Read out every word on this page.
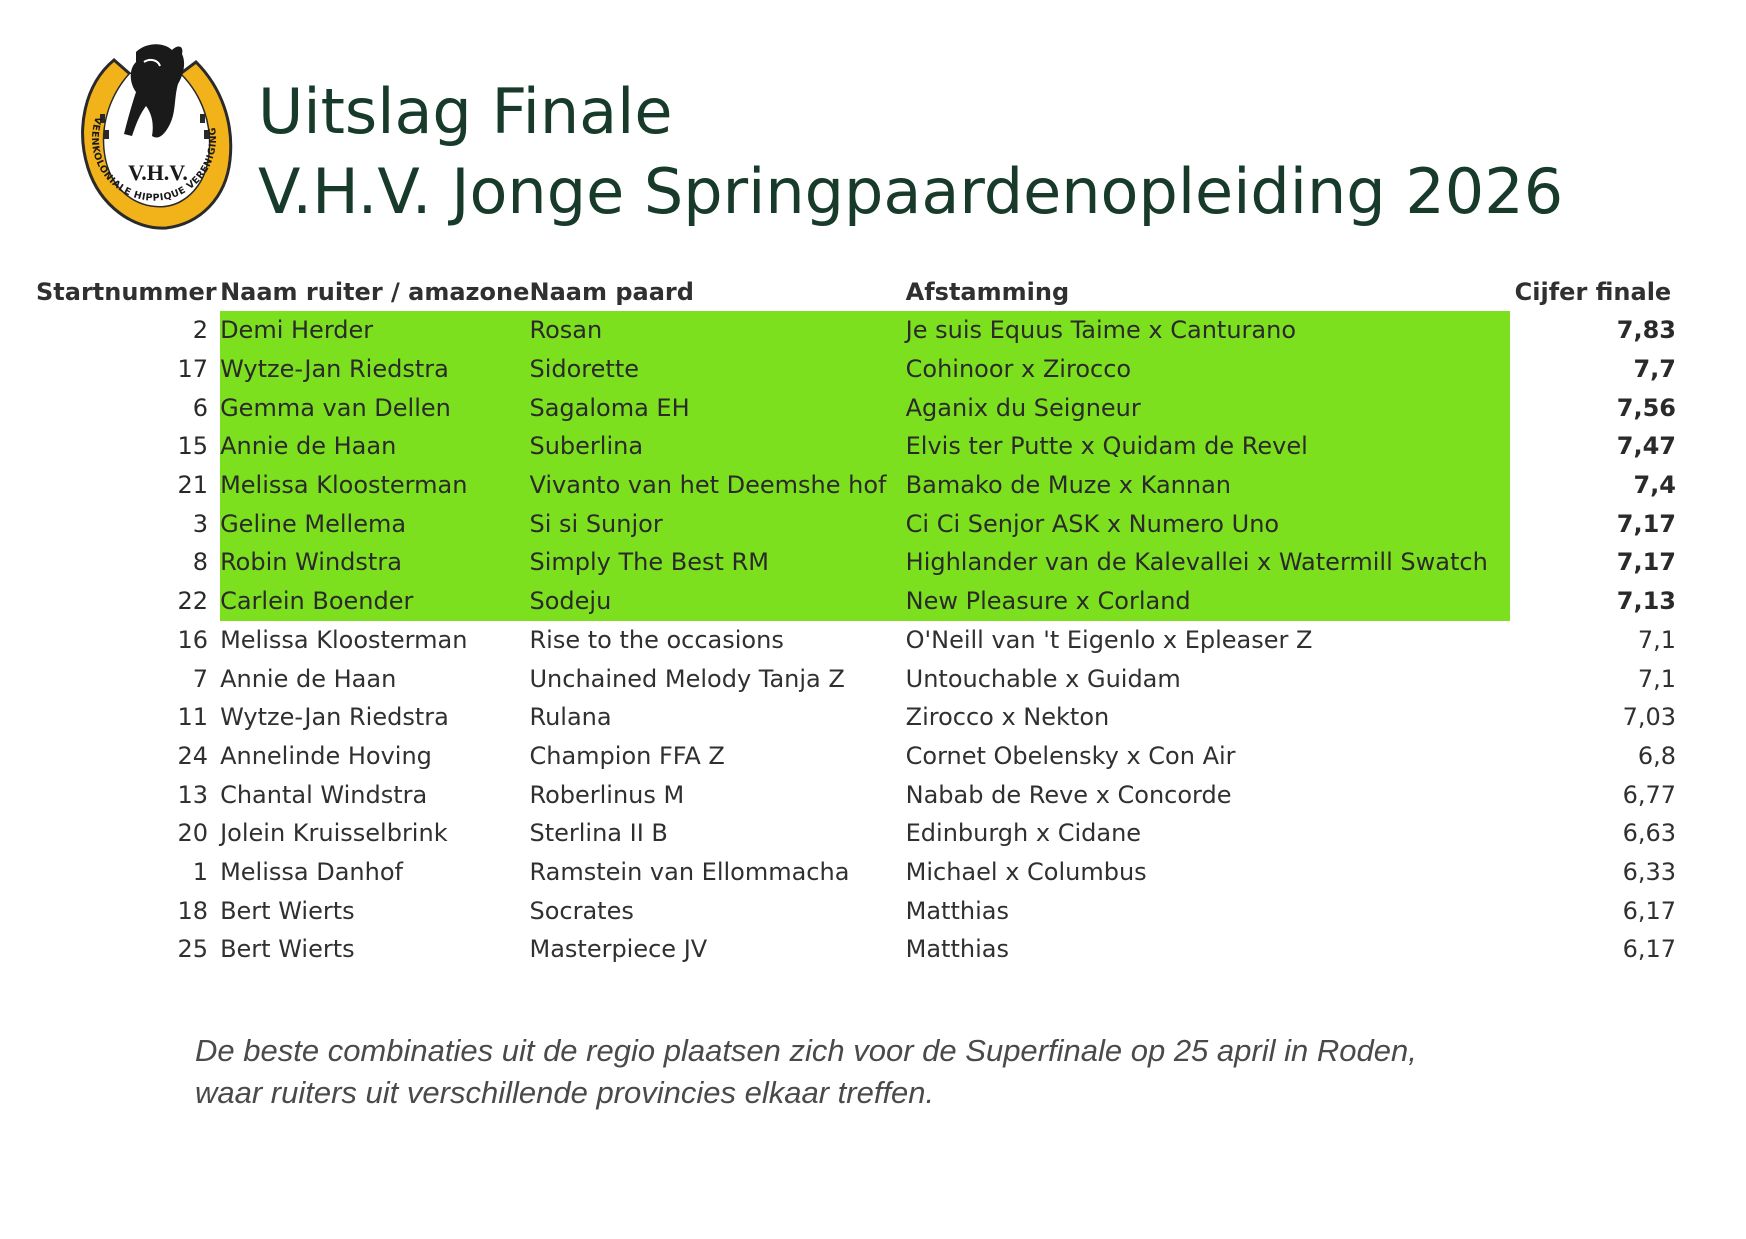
V.H.V.
VEENKOLONIALE HIPPIQUE VERENIGING Uitslag Finale
V.H.V. Jonge Springpaardenopleiding 2026
Startnummer	Naam ruiter / amazone	Naam paard	Afstamming	Cijfer finale
2	Demi Herder	Rosan	Je suis Equus Taime x Canturano	7,83
17	Wytze-Jan Riedstra	Sidorette	Cohinoor x Zirocco	7,7
6	Gemma van Dellen	Sagaloma EH	Aganix du Seigneur	7,56
15	Annie de Haan	Suberlina	Elvis ter Putte x Quidam de Revel	7,47
21	Melissa Kloosterman	Vivanto van het Deemshe hof	Bamako de Muze x Kannan	7,4
3	Geline Mellema	Si si Sunjor	Ci Ci Senjor ASK x Numero Uno	7,17
8	Robin Windstra	Simply The Best RM	Highlander van de Kalevallei x Watermill Swatch	7,17
22	Carlein Boender	Sodeju	New Pleasure x Corland	7,13
16	Melissa Kloosterman	Rise to the occasions	O'Neill van 't Eigenlo x Epleaser Z	7,1
7	Annie de Haan	Unchained Melody Tanja Z	Untouchable x Guidam	7,1
11	Wytze-Jan Riedstra	Rulana	Zirocco x Nekton	7,03
24	Annelinde Hoving	Champion FFA Z	Cornet Obelensky x Con Air	6,8
13	Chantal Windstra	Roberlinus M	Nabab de Reve x Concorde	6,77
20	Jolein Kruisselbrink	Sterlina II B	Edinburgh x Cidane	6,63
1	Melissa Danhof	Ramstein van Ellommacha	Michael x Columbus	6,33
18	Bert Wierts	Socrates	Matthias	6,17
25	Bert Wierts	Masterpiece JV	Matthias	6,17
De beste combinaties uit de regio plaatsen zich voor de Superfinale op 25 april in Roden,
waar ruiters uit verschillende provincies elkaar treffen.
